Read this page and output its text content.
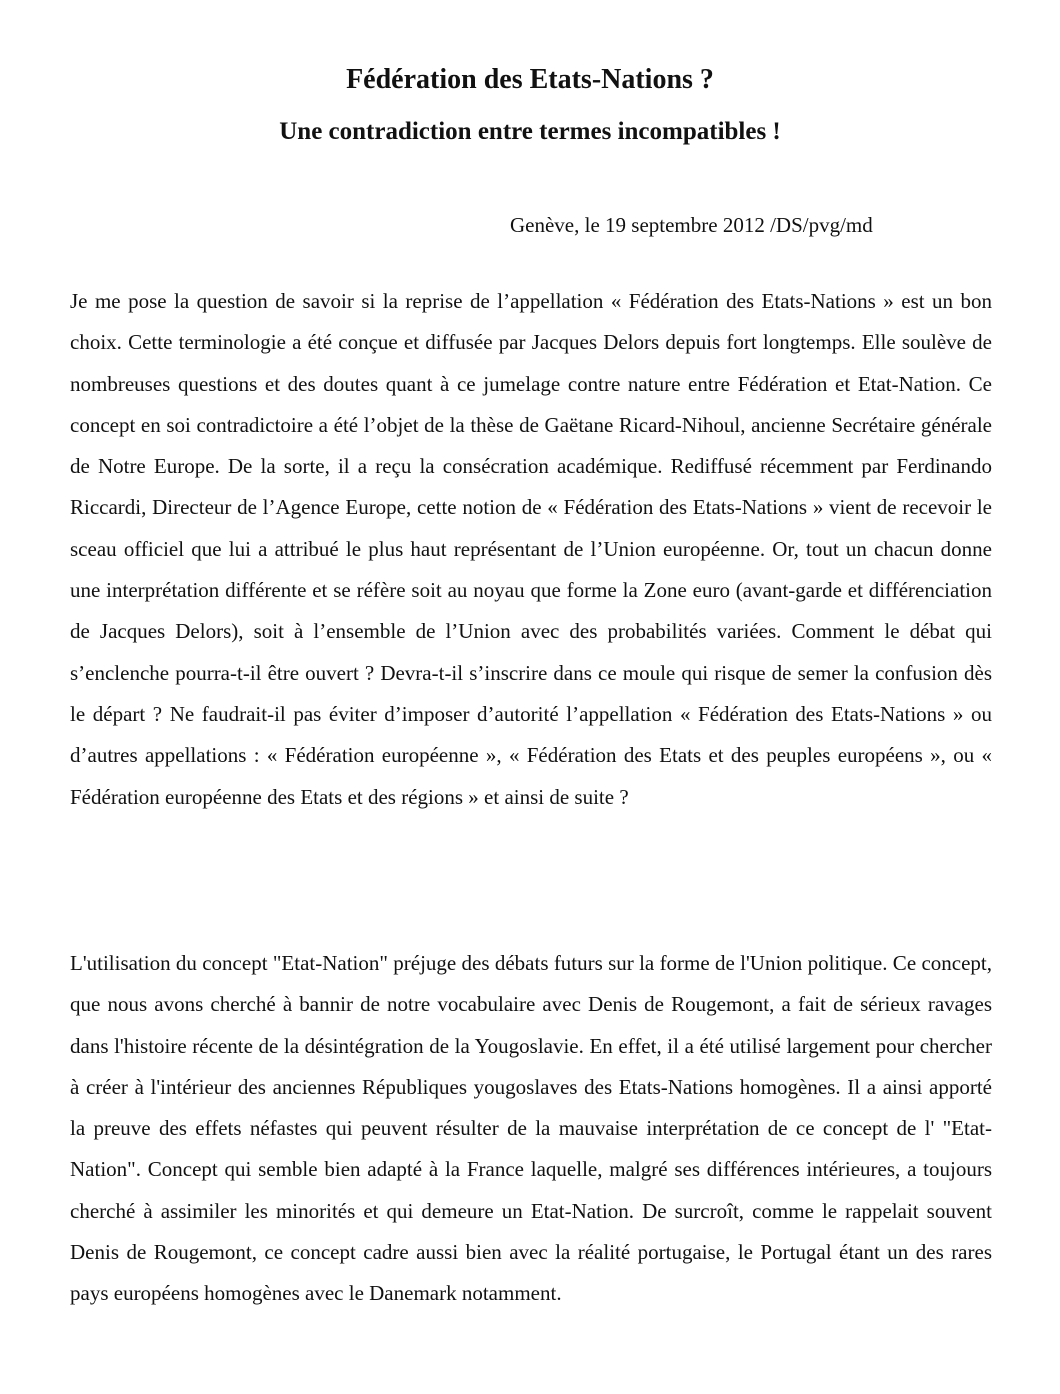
Fédération des Etats-Nations ?
Une contradiction entre termes incompatibles !

Genève, le 19 septembre 2012 /DS/pvg/md

Je me pose la question de savoir si la reprise de l’appellation « Fédération des Etats-Nations » est un bon choix. Cette terminologie a été conçue et diffusée par Jacques Delors depuis fort longtemps. Elle soulève de nombreuses questions et des doutes quant à ce jumelage contre nature entre Fédération et Etat-Nation. Ce concept en soi contradictoire a été l’objet de la thèse de Gaëtane Ricard-Nihoul, ancienne Secrétaire générale de Notre Europe. De la sorte, il a reçu la consécration académique. Rediffusé récemment par Ferdinando Riccardi, Directeur de l’Agence Europe, cette notion de « Fédération des Etats-Nations » vient de recevoir le sceau officiel que lui a attribué le plus haut représentant de l’Union européenne. Or, tout un chacun donne une interprétation différente et se réfère soit au noyau que forme la Zone euro (avant-garde et différenciation de Jacques Delors), soit à l’ensemble de l’Union avec des probabilités variées. Comment le débat qui s’enclenche pourra-t-il être ouvert ? Devra-t-il s’inscrire dans ce moule qui risque de semer la confusion dès le départ ? Ne faudrait-il pas éviter d’imposer d’autorité l’appellation « Fédération des Etats-Nations » ou d’autres appellations : « Fédération européenne », « Fédération des Etats et des peuples européens », ou « Fédération européenne des Etats et des régions » et ainsi de suite ?

L'utilisation du concept "Etat-Nation" préjuge des débats futurs sur la forme de l'Union politique. Ce concept, que nous avons cherché à bannir de notre vocabulaire avec Denis de Rougemont, a fait de sérieux ravages dans l'histoire récente de la désintégration de la Yougoslavie. En effet, il a été utilisé largement pour chercher à créer à l'intérieur des anciennes Républiques yougoslaves des Etats-Nations homogènes. Il a ainsi apporté la preuve des effets néfastes qui peuvent résulter de la mauvaise interprétation de ce concept de l' "Etat-Nation". Concept qui semble bien adapté à la France laquelle, malgré ses différences intérieures, a toujours cherché à assimiler les minorités et qui demeure un Etat-Nation. De surcroît, comme le rappelait souvent Denis de Rougemont, ce concept cadre aussi bien avec la réalité portugaise, le Portugal étant un des rares pays européens homogènes avec le Danemark notamment.
